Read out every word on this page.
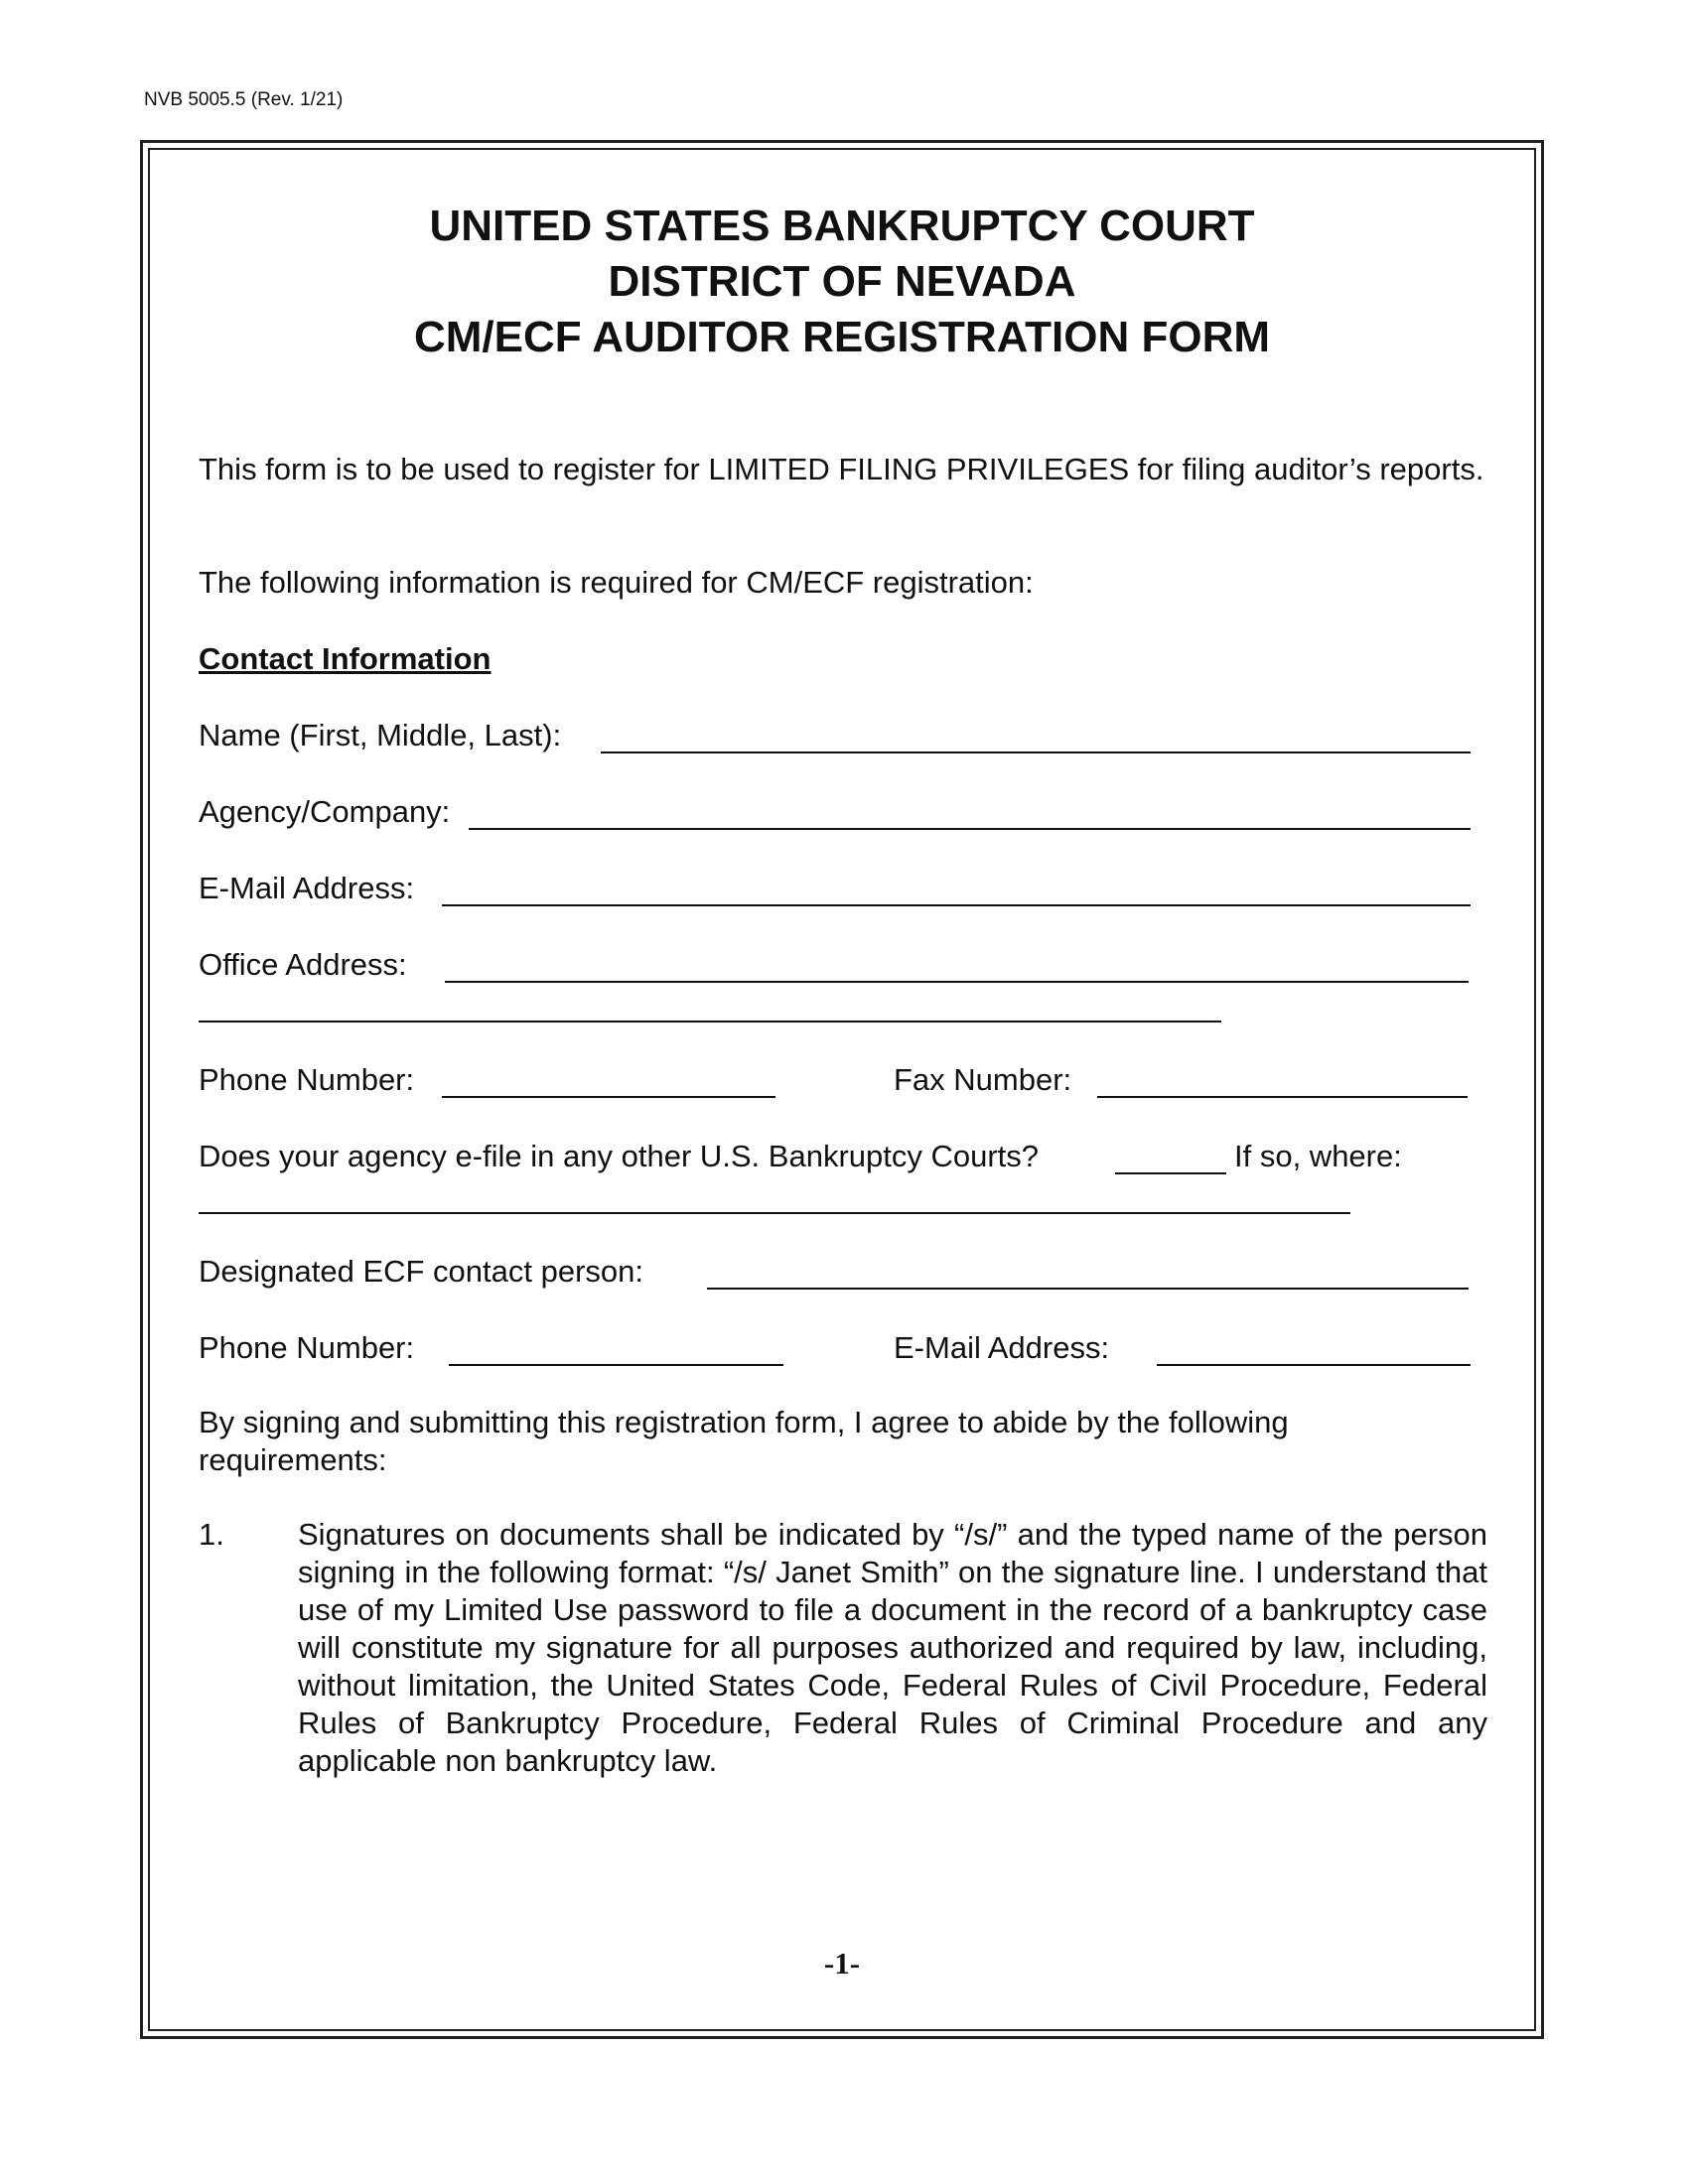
NVB 5005.5 (Rev. 1/21)
UNITED STATES BANKRUPTCY COURT
DISTRICT OF NEVADA
CM/ECF AUDITOR REGISTRATION FORM
This form is to be used to register for LIMITED FILING PRIVILEGES for filing auditor’s reports.
The following information is required for CM/ECF registration:
Contact Information
Name (First, Middle, Last):
Agency/Company:
E-Mail Address:
Office Address:
Phone Number:	Fax Number:
Does your agency e-file in any other U.S. Bankruptcy Courts?	If so, where:
Designated ECF contact person:
Phone Number:	E-Mail Address:
By signing and submitting this registration form, I agree to abide by the following requirements:
1. Signatures on documents shall be indicated by “/s/” and the typed name of the person signing in the following format: “/s/ Janet Smith” on the signature line. I understand that use of my Limited Use password to file a document in the record of a bankruptcy case will constitute my signature for all purposes authorized and required by law, including, without limitation, the United States Code, Federal Rules of Civil Procedure, Federal Rules of Bankruptcy Procedure, Federal Rules of Criminal Procedure and any applicable non bankruptcy law.
-1-
